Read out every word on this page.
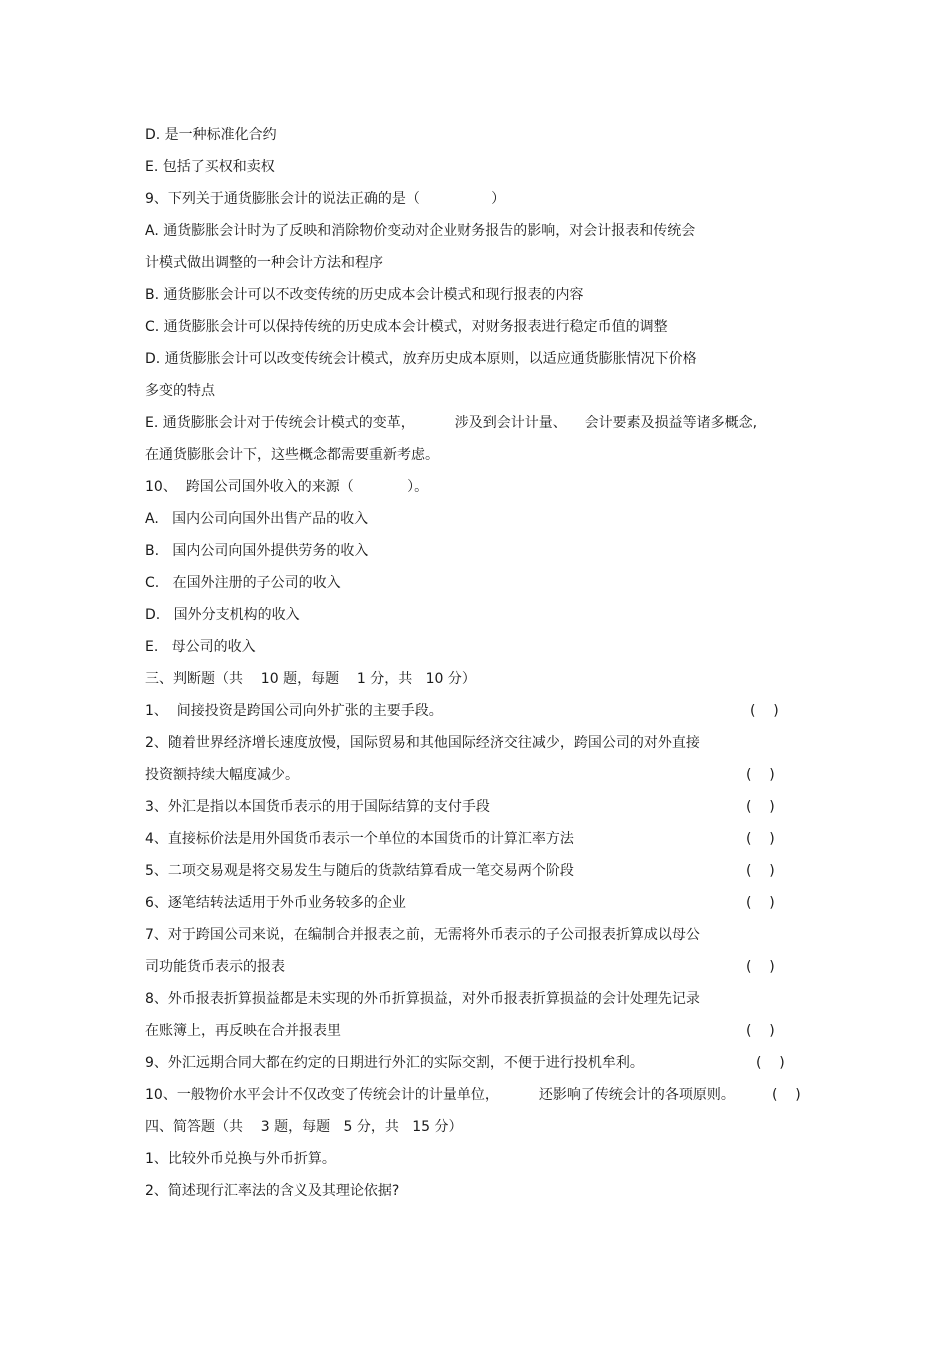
D. 是一种标准化合约
E. 包括了买权和卖权
9、下列关于通货膨胀会计的说法正确的是（                ）
A. 通货膨胀会计时为了反映和消除物价变动对企业财务报告的影响，对会计报表和传统会
计模式做出调整的一种会计方法和程序
B. 通货膨胀会计可以不改变传统的历史成本会计模式和现行报表的内容
C. 通货膨胀会计可以保持传统的历史成本会计模式，对财务报表进行稳定币值的调整
D. 通货膨胀会计可以改变传统会计模式，放弃历史成本原则，以适应通货膨胀情况下价格
多变的特点
E. 通货膨胀会计对于传统会计模式的变革，         涉及到会计计量、    会计要素及损益等诸多概念,
在通货膨胀会计下，这些概念都需要重新考虑。
10、  跨国公司国外收入的来源（            ）。
A.   国内公司向国外出售产品的收入
B.   国内公司向国外提供劳务的收入
C.   在国外注册的子公司的收入
D.   国外分支机构的收入
E.   母公司的收入
三、判断题（共    10 题，每题    1 分，共   10 分）
1、  间接投资是跨国公司向外扩张的主要手段。	(    )
2、随着世界经济增长速度放慢，国际贸易和其他国际经济交往减少，跨国公司的对外直接
投资额持续大幅度减少。	(    )
3、外汇是指以本国货币表示的用于国际结算的支付手段	(    )
4、直接标价法是用外国货币表示一个单位的本国货币的计算汇率方法	(    )
5、二项交易观是将交易发生与随后的货款结算看成一笔交易两个阶段	(    )
6、逐笔结转法适用于外币业务较多的企业	(    )
7、对于跨国公司来说，在编制合并报表之前，无需将外币表示的子公司报表折算成以母公
司功能货币表示的报表	(    )
8、外币报表折算损益都是未实现的外币折算损益，对外币报表折算损益的会计处理先记录
在账簿上，再反映在合并报表里	(    )
9、外汇远期合同大都在约定的日期进行外汇的实际交割，不便于进行投机牟利。	(    )
10、一般物价水平会计不仅改变了传统会计的计量单位，         还影响了传统会计的各项原则。	(    )
四、简答题（共    3 题，每题   5 分，共   15 分）
1、比较外币兑换与外币折算。
2、简述现行汇率法的含义及其理论依据?
